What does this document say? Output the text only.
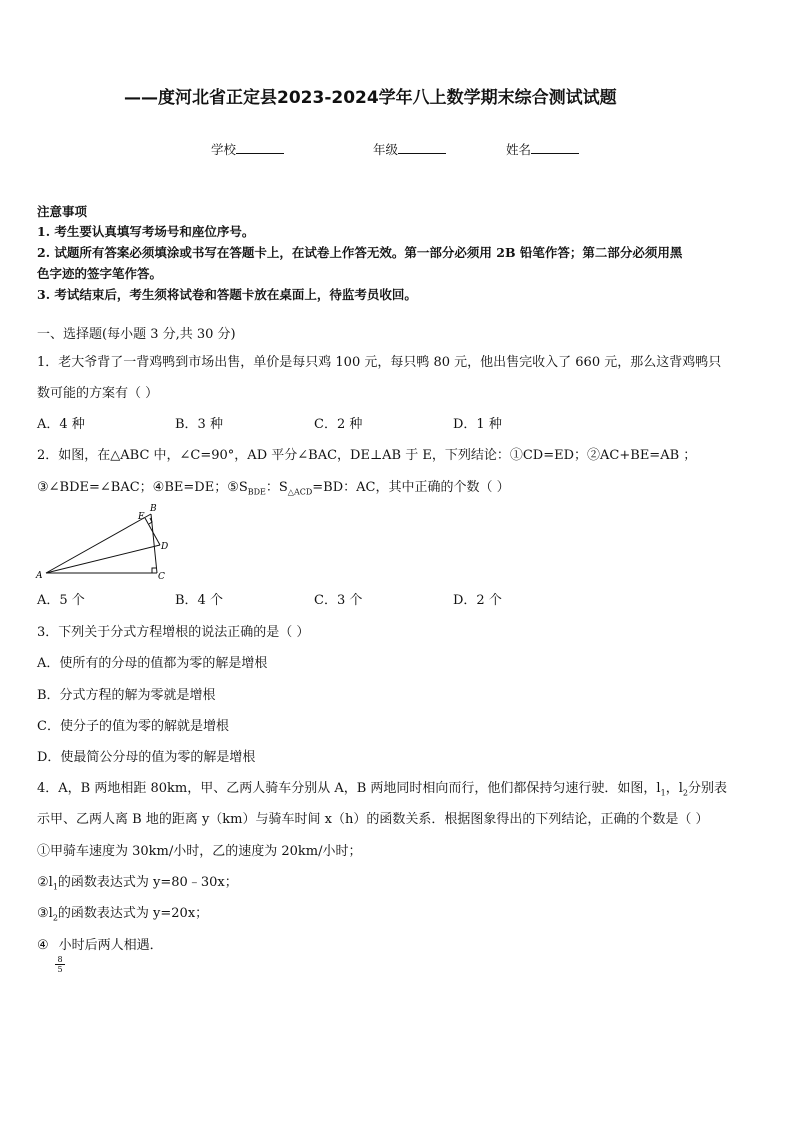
——度河北省正定县2023-2024学年八上数学期末综合测试试题
学校	年级	姓名
注意事项
1. 考生要认真填写考场号和座位序号。
2. 试题所有答案必须填涂或书写在答题卡上，在试卷上作答无效。第一部分必须用 2B 铅笔作答；第二部分必须用黑
色字迹的签字笔作答。
3. 考试结束后，考生须将试卷和答题卡放在桌面上，待监考员收回。
一、选择题(每小题 3 分,共 30 分)
1．老大爷背了一背鸡鸭到市场出售，单价是每只鸡 100 元，每只鸭 80 元，他出售完收入了 660 元，那么这背鸡鸭只
数可能的方案有（ ）
A．4 种	B．3 种	C．2 种	D．1 种
2．如图，在△ABC 中，∠C=90°，AD 平分∠BAC，DE⊥AB 于 E，下列结论：①CD=ED；②AC+BE=AB ；
③∠BDE=∠BAC；④BE=DE；$⑤S_{BDE}$：$S_{\triangle ACD}=BD$：AC，其中正确的个数（ ）
A
B
E
D
C
A．5 个	B．4 个	C．3 个	D．2 个
3．下列关于分式方程增根的说法正确的是（ ）
A．使所有的分母的值都为零的解是增根
B．分式方程的解为零就是增根
C．使分子的值为零的解就是增根
D．使最简公分母的值为零的解是增根
4．A，B 两地相距 80km，甲、乙两人骑车分别从 A，B 两地同时相向而行，他们都保持匀速行驶．如图，$l_1$，$l_2$分别表
示甲、乙两人离 B 地的距离 y（km）与骑车时间 x（h）的函数关系．根据图象得出的下列结论，正确的个数是（ ）
①甲骑车速度为 30km/小时，乙的速度为 20km/小时；
$②l_1$的函数表达式为 y=80﹣30x；
$③l_2$的函数表达式为 y=20x；
④ 小时后两人相遇．
$\frac{8}{5}$
